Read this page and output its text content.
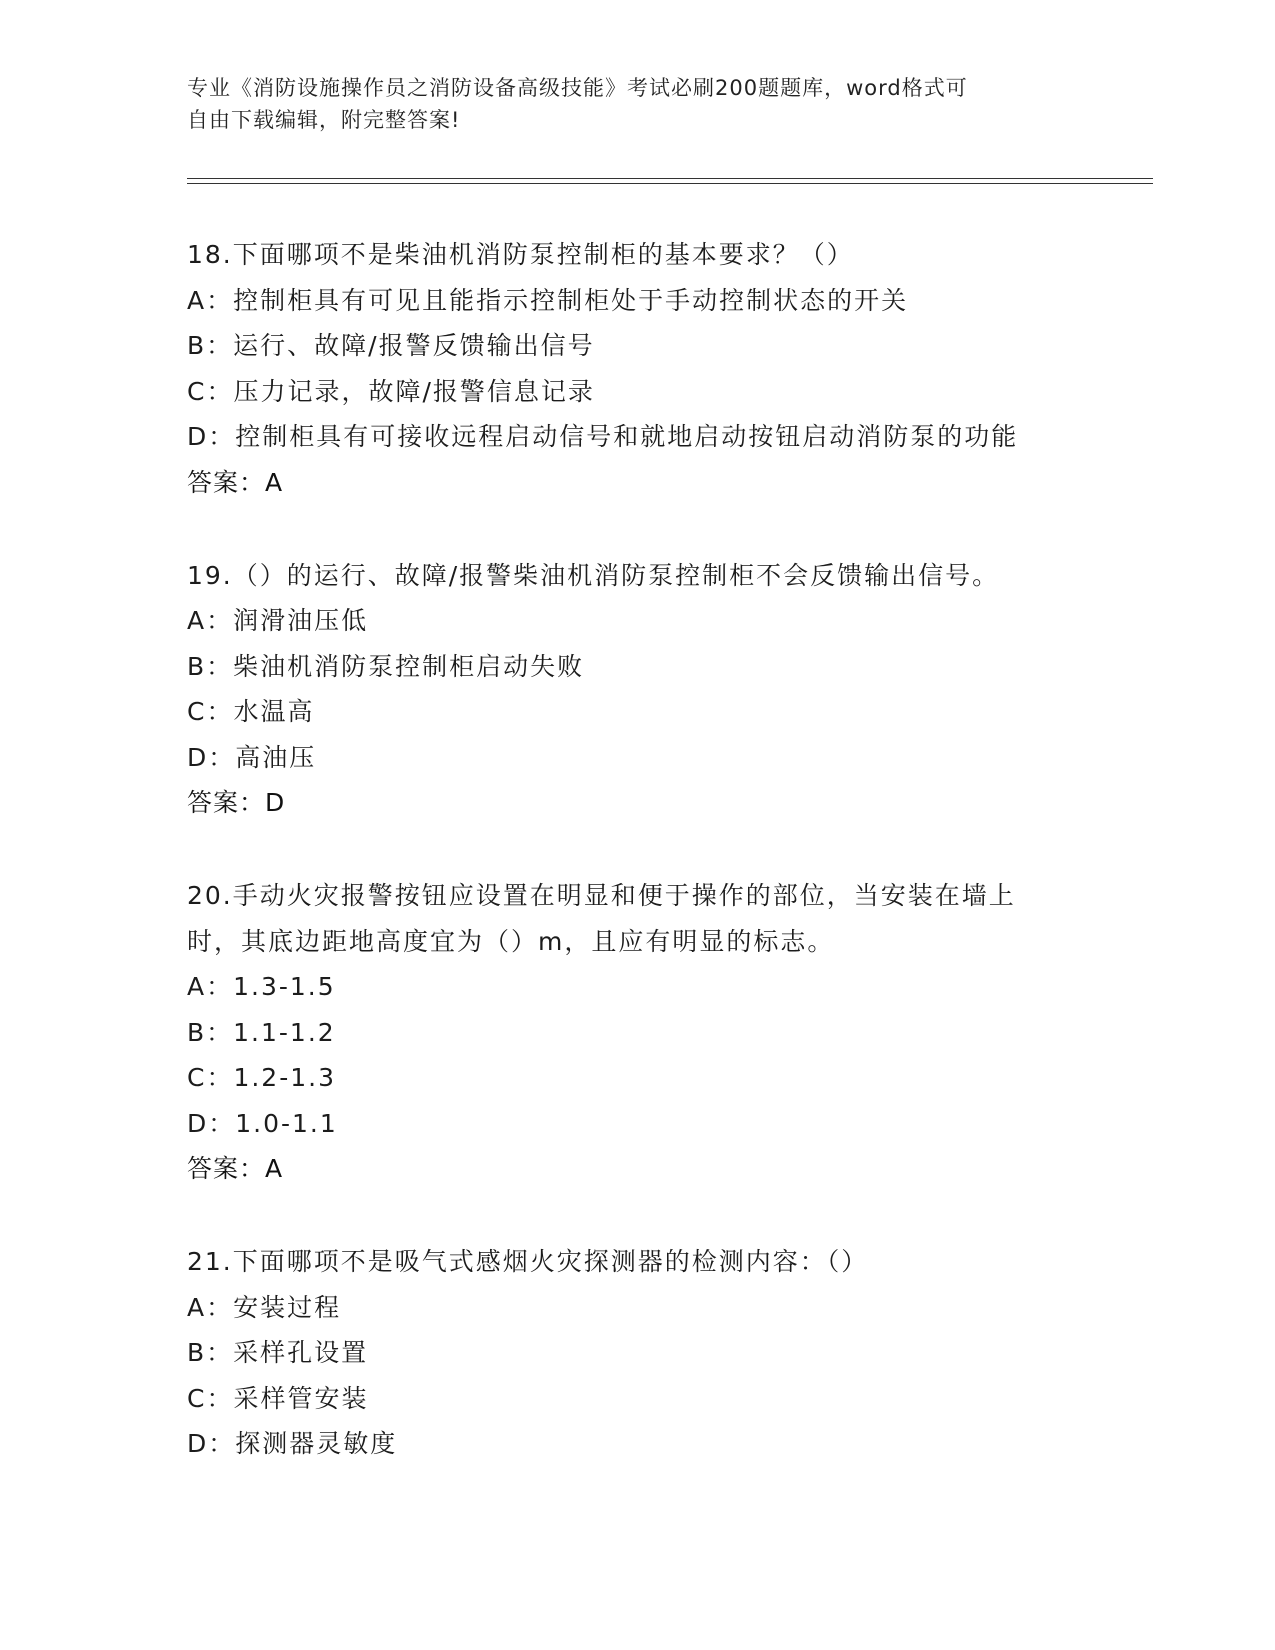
专业《消防设施操作员之消防设备高级技能》考试必刷200题题库，word格式可
自由下载编辑，附完整答案!

18.下面哪项不是柴油机消防泵控制柜的基本要求？（）

A：控制柜具有可见且能指示控制柜处于手动控制状态的开关

B：运行、故障/报警反馈输出信号

C：压力记录，故障/报警信息记录

D：控制柜具有可接收远程启动信号和就地启动按钮启动消防泵的功能

答案：A

19.（）的运行、故障/报警柴油机消防泵控制柜不会反馈输出信号。

A：润滑油压低

B：柴油机消防泵控制柜启动失败

C：水温高

D：高油压

答案：D

20.手动火灾报警按钮应设置在明显和便于操作的部位，当安装在墙上

时，其底边距地高度宜为（）m，且应有明显的标志。

A：1.3-1.5

B：1.1-1.2

C：1.2-1.3

D：1.0-1.1

答案：A

21.下面哪项不是吸气式感烟火灾探测器的检测内容：（）

A：安装过程

B：采样孔设置

C：采样管安装

D：探测器灵敏度
